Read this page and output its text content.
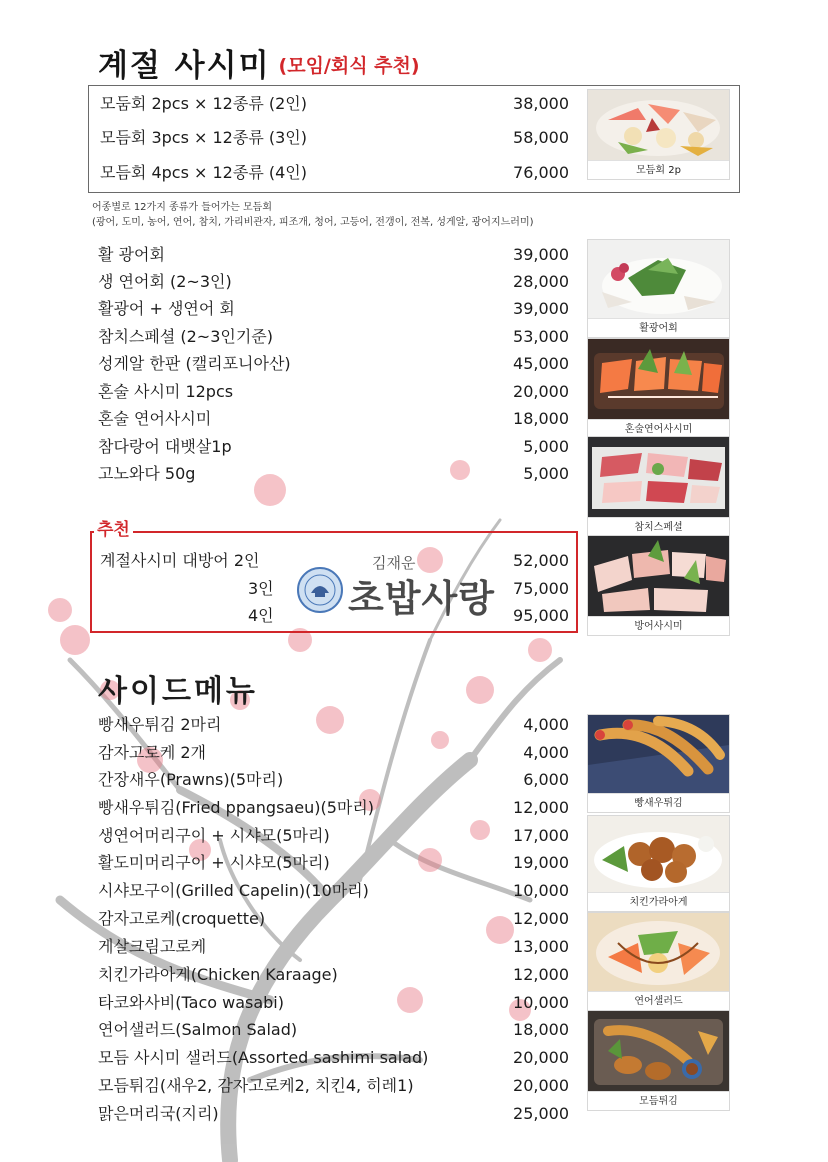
계절 사시미 (모임/회식 추천)
모둠회 2pcs × 12종류 (2인)	38,000
모듬회 3pcs × 12종류 (3인)	58,000
모듬회 4pcs × 12종류 (4인)	76,000
어종별로 12가지 종류가 들어가는 모듬회
(광어, 도미, 농어, 연어, 참치, 가리비관자, 피조개, 청어, 고등어, 전갱이, 전복, 성게알, 광어지느러미)
활 광어회	39,000
생 연어회 (2~3인)	28,000
활광어 + 생연어 회	39,000
참치스페셜 (2~3인기준)	53,000
성게알 한판 (캘리포니아산)	45,000
혼술 사시미 12pcs	20,000
혼술 연어사시미	18,000
참다랑어 대뱃살1p	5,000
고노와다 50g	5,000
추천
계절사시미 대방어 2인	52,000
3인	75,000
4인	95,000
김재운
초밥사랑
사이드메뉴
빵새우튀김 2마리	4,000
감자고로케 2개	4,000
간장새우(Prawns)(5마리)	6,000
빵새우튀김(Fried ppangsaeu)(5마리)	12,000
생연어머리구이 + 시샤모(5마리)	17,000
활도미머리구이 + 시샤모(5마리)	19,000
시샤모구이(Grilled Capelin)(10마리)	10,000
감자고로케(croquette)	12,000
게살크림고로케	13,000
치킨가라아게(Chicken Karaage)	12,000
타코와사비(Taco wasabi)	10,000
연어샐러드(Salmon Salad)	18,000
모듬 사시미 샐러드(Assorted sashimi salad)	20,000
모듬튀김(새우2, 감자고로케2, 치킨4, 히레1)	20,000
맑은머리국(지리)	25,000
모듬회 2p
활광어회
혼술연어사시미
참치스페셜
방어사시미
빵새우튀김
치킨가라아게
연어샐러드
모듬튀김
